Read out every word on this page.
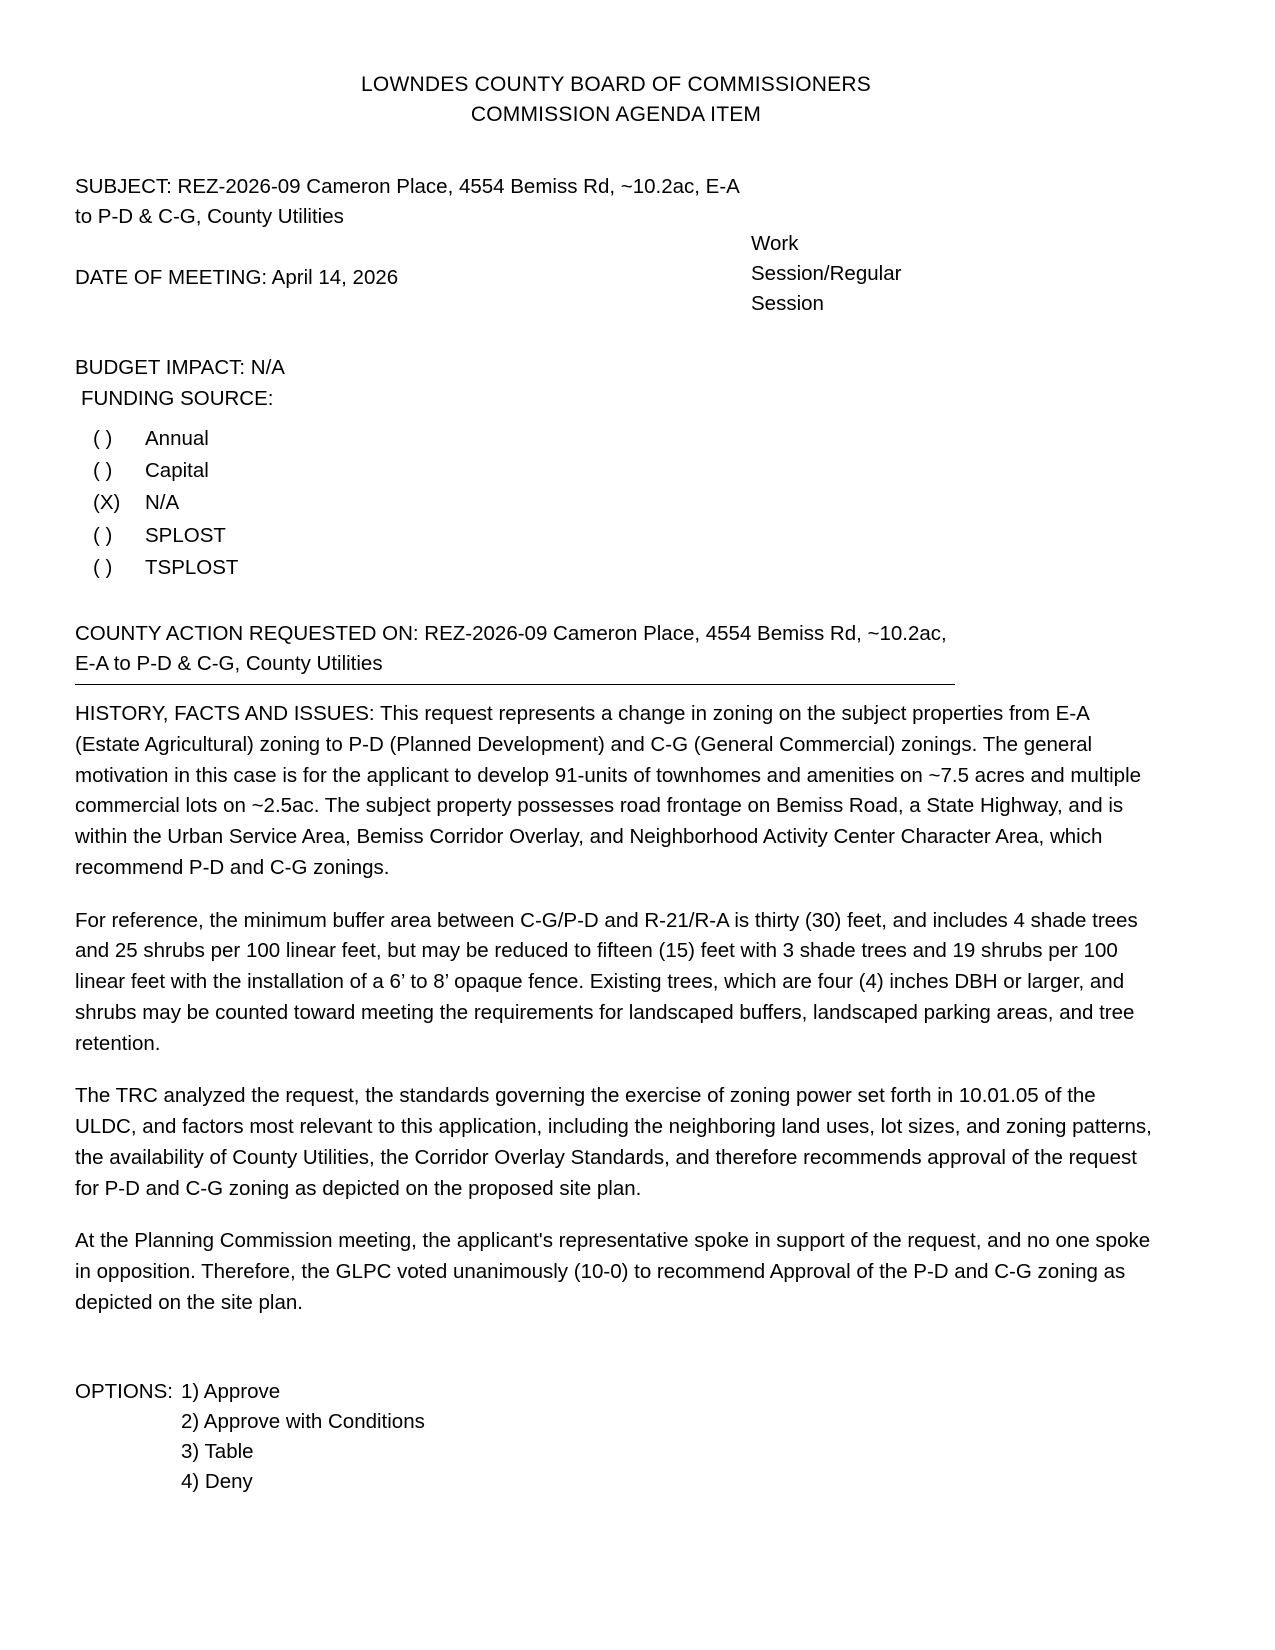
LOWNDES COUNTY BOARD OF COMMISSIONERS
COMMISSION AGENDA ITEM
SUBJECT: REZ-2026-09 Cameron Place, 4554 Bemiss Rd, ~10.2ac, E-A
to P-D & C-G, County Utilities
DATE OF MEETING: April 14, 2026
Work
Session/Regular
Session
BUDGET IMPACT: N/A
FUNDING SOURCE:
( )	Annual
( )	Capital
(X)	N/A
( )	SPLOST
( )	TSPLOST
COUNTY ACTION REQUESTED ON: REZ-2026-09 Cameron Place, 4554 Bemiss Rd, ~10.2ac,
E-A to P-D & C-G, County Utilities

HISTORY, FACTS AND ISSUES: This request represents a change in zoning on the subject properties from E-A (Estate Agricultural) zoning to P-D (Planned Development) and C-G (General Commercial) zonings. The general motivation in this case is for the applicant to develop 91-units of townhomes and amenities on ~7.5 acres and multiple commercial lots on ~2.5ac. The subject property possesses road frontage on Bemiss Road, a State Highway, and is within the Urban Service Area, Bemiss Corridor Overlay, and Neighborhood Activity Center Character Area, which recommend P-D and C-G zonings.

For reference, the minimum buffer area between C-G/P-D and R-21/R-A is thirty (30) feet, and includes 4 shade trees and 25 shrubs per 100 linear feet, but may be reduced to fifteen (15) feet with 3 shade trees and 19 shrubs per 100 linear feet with the installation of a 6’ to 8’ opaque fence. Existing trees, which are four (4) inches DBH or larger, and shrubs may be counted toward meeting the requirements for landscaped buffers, landscaped parking areas, and tree retention.

The TRC analyzed the request, the standards governing the exercise of zoning power set forth in 10.01.05 of the ULDC, and factors most relevant to this application, including the neighboring land uses, lot sizes, and zoning patterns, the availability of County Utilities, the Corridor Overlay Standards, and therefore recommends approval of the request for P-D and C-G zoning as depicted on the proposed site plan.

At the Planning Commission meeting, the applicant's representative spoke in support of the request, and no one spoke in opposition. Therefore, the GLPC voted unanimously (10-0) to recommend Approval of the P-D and C-G zoning as depicted on the site plan.

OPTIONS: 1) Approve
2) Approve with Conditions
3) Table
4) Deny
